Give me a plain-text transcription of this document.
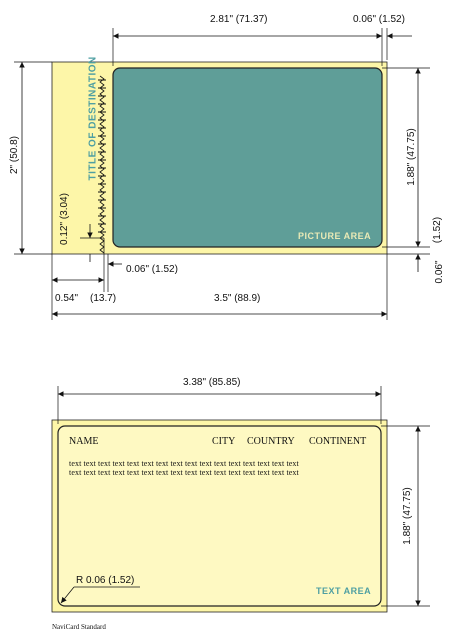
TITLE OF DESTINATION
PICTURE AREA
2.81" (71.37)	0.06" (1.52)
2" (50.8)	1.88" (47.75)
(1.52)
0.06"
0.12" (3.04)
0.06" (1.52)
0.54" (13.7)	3.5" (88.9)
3.38" (85.85)
1.88" (47.75)
NAME	CITY COUNTRY CONTINENT
text text text text text text text text text text text text text text text text
text text text text text text text text text text text text text text text text
TEXT AREA
R 0.06 (1.52)
NaviCard Standard
